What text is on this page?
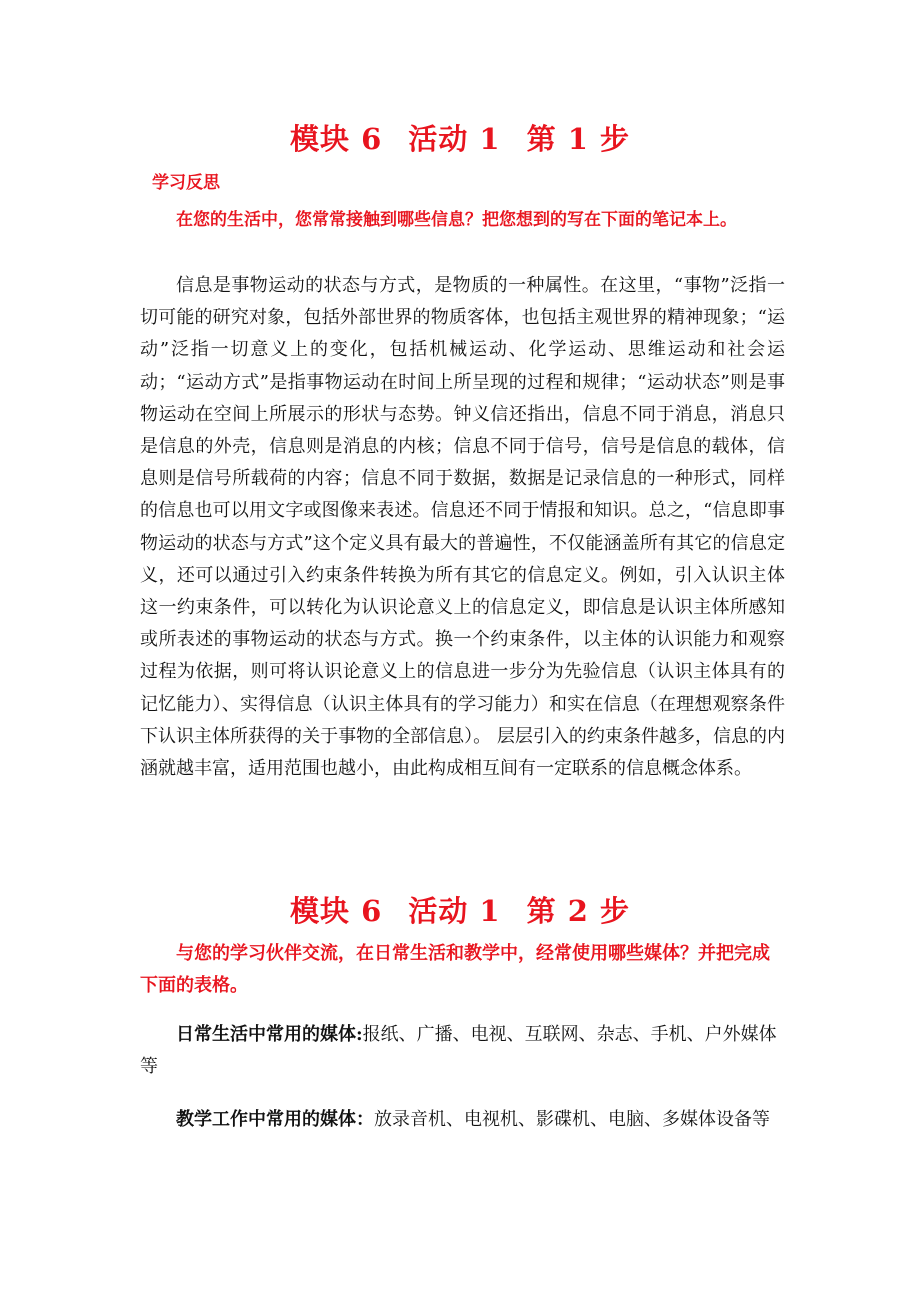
模块 6 活动 1 第 1 步

学习反思

在您的生活中，您常常接触到哪些信息？把您想到的写在下面的笔记本上。

信息是事物运动的状态与方式，是物质的一种属性。在这里，“事物”泛指一切可能的研究对象，包括外部世界的物质客体，也包括主观世界的精神现象；“运动”泛指一切意义上的变化，包括机械运动、化学运动、思维运动和社会运动；“运动方式”是指事物运动在时间上所呈现的过程和规律；“运动状态”则是事物运动在空间上所展示的形状与态势。钟义信还指出，信息不同于消息，消息只是信息的外壳，信息则是消息的内核；信息不同于信号，信号是信息的载体，信息则是信号所载荷的内容；信息不同于数据，数据是记录信息的一种形式，同样的信息也可以用文字或图像来表述。信息还不同于情报和知识。总之，“信息即事物运动的状态与方式”这个定义具有最大的普遍性，不仅能涵盖所有其它的信息定义，还可以通过引入约束条件转换为所有其它的信息定义。例如，引入认识主体这一约束条件，可以转化为认识论意义上的信息定义，即信息是认识主体所感知或所表述的事物运动的状态与方式。换一个约束条件，以主体的认识能力和观察过程为依据，则可将认识论意义上的信息进一步分为先验信息（认识主体具有的记忆能力）、实得信息（认识主体具有的学习能力）和实在信息（在理想观察条件下认识主体所获得的关于事物的全部信息）。 层层引入的约束条件越多，信息的内涵就越丰富，适用范围也越小，由此构成相互间有一定联系的信息概念体系。

模块 6 活动 1 第 2 步

与您的学习伙伴交流，在日常生活和教学中，经常使用哪些媒体？并把完成下面的表格。

日常生活中常用的媒体:报纸、广播、电视、互联网、杂志、手机、户外媒体等

教学工作中常用的媒体：放录音机、电视机、影碟机、电脑、多媒体设备等
